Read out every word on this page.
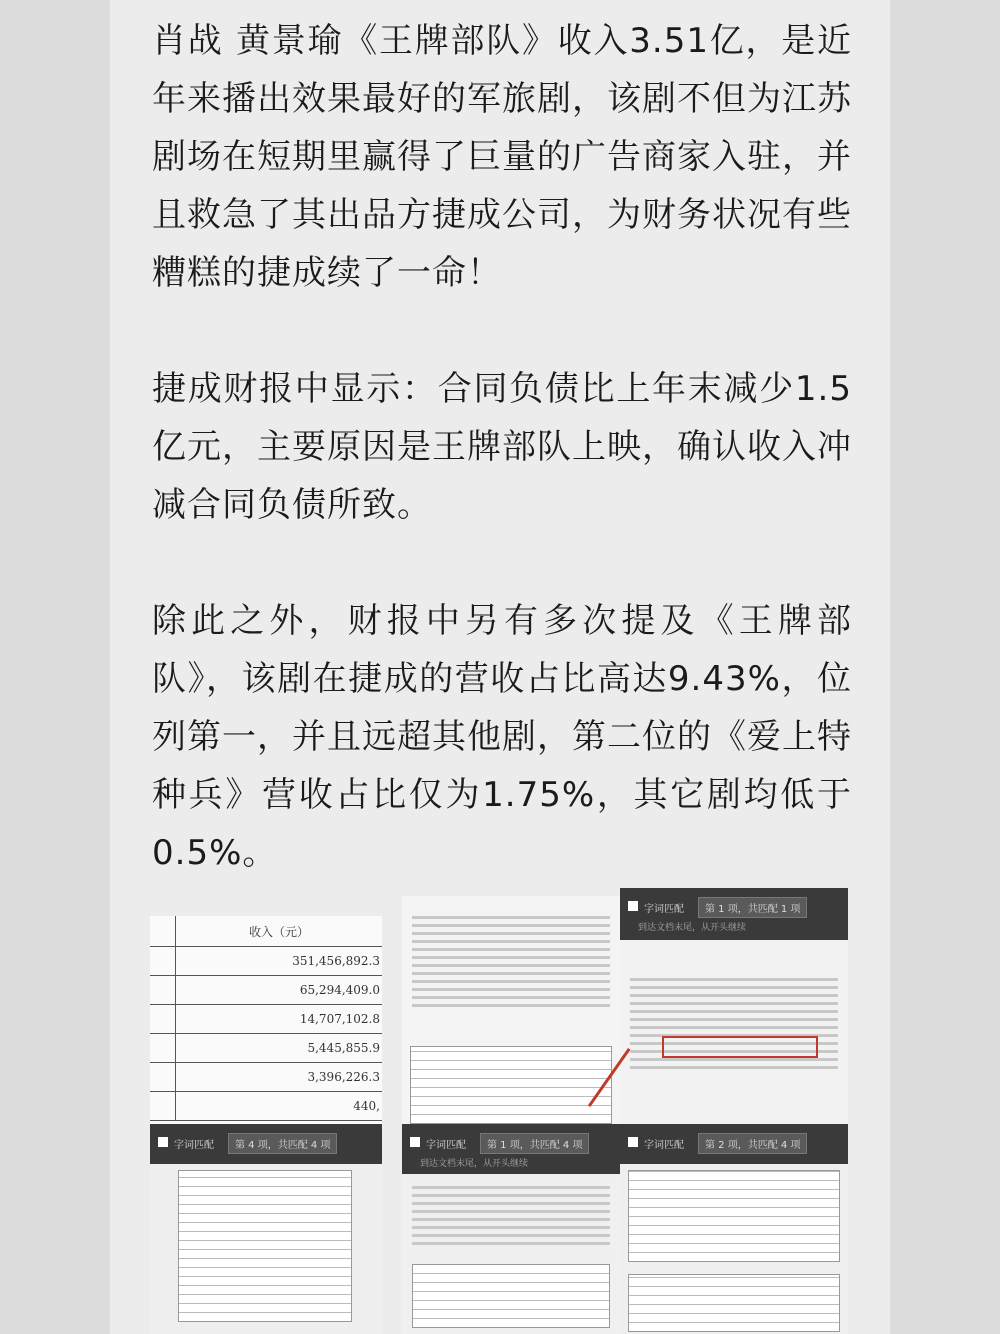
肖战 黄景瑜《王牌部队》收入3.51亿，是近年来播出效果最好的军旅剧，该剧不但为江苏剧场在短期里赢得了巨量的广告商家入驻，并且救急了其出品方捷成公司，为财务状况有些糟糕的捷成续了一命！

捷成财报中显示：合同负债比上年末减少1.5亿元，主要原因是王牌部队上映，确认收入冲减合同负债所致。

除此之外，财报中另有多次提及《王牌部队》，该剧在捷成的营收占比高达9.43%，位列第一，并且远超其他剧，第二位的《爱上特种兵》营收占比仅为1.75%，其它剧均低于0.5%。

	收入（元）
	351,456,892.3
	65,294,409.0
	14,707,102.8
	5,445,855.9
	3,396,226.3
	440,
字词匹配	第 1 项，共匹配 1 项
到达文档末尾，从开头继续
字词匹配	第 4 项，共匹配 4 项	字词匹配	第 1 项，共匹配 4 项
到达文档末尾，从开头继续
字词匹配	第 2 项，共匹配 4 项
